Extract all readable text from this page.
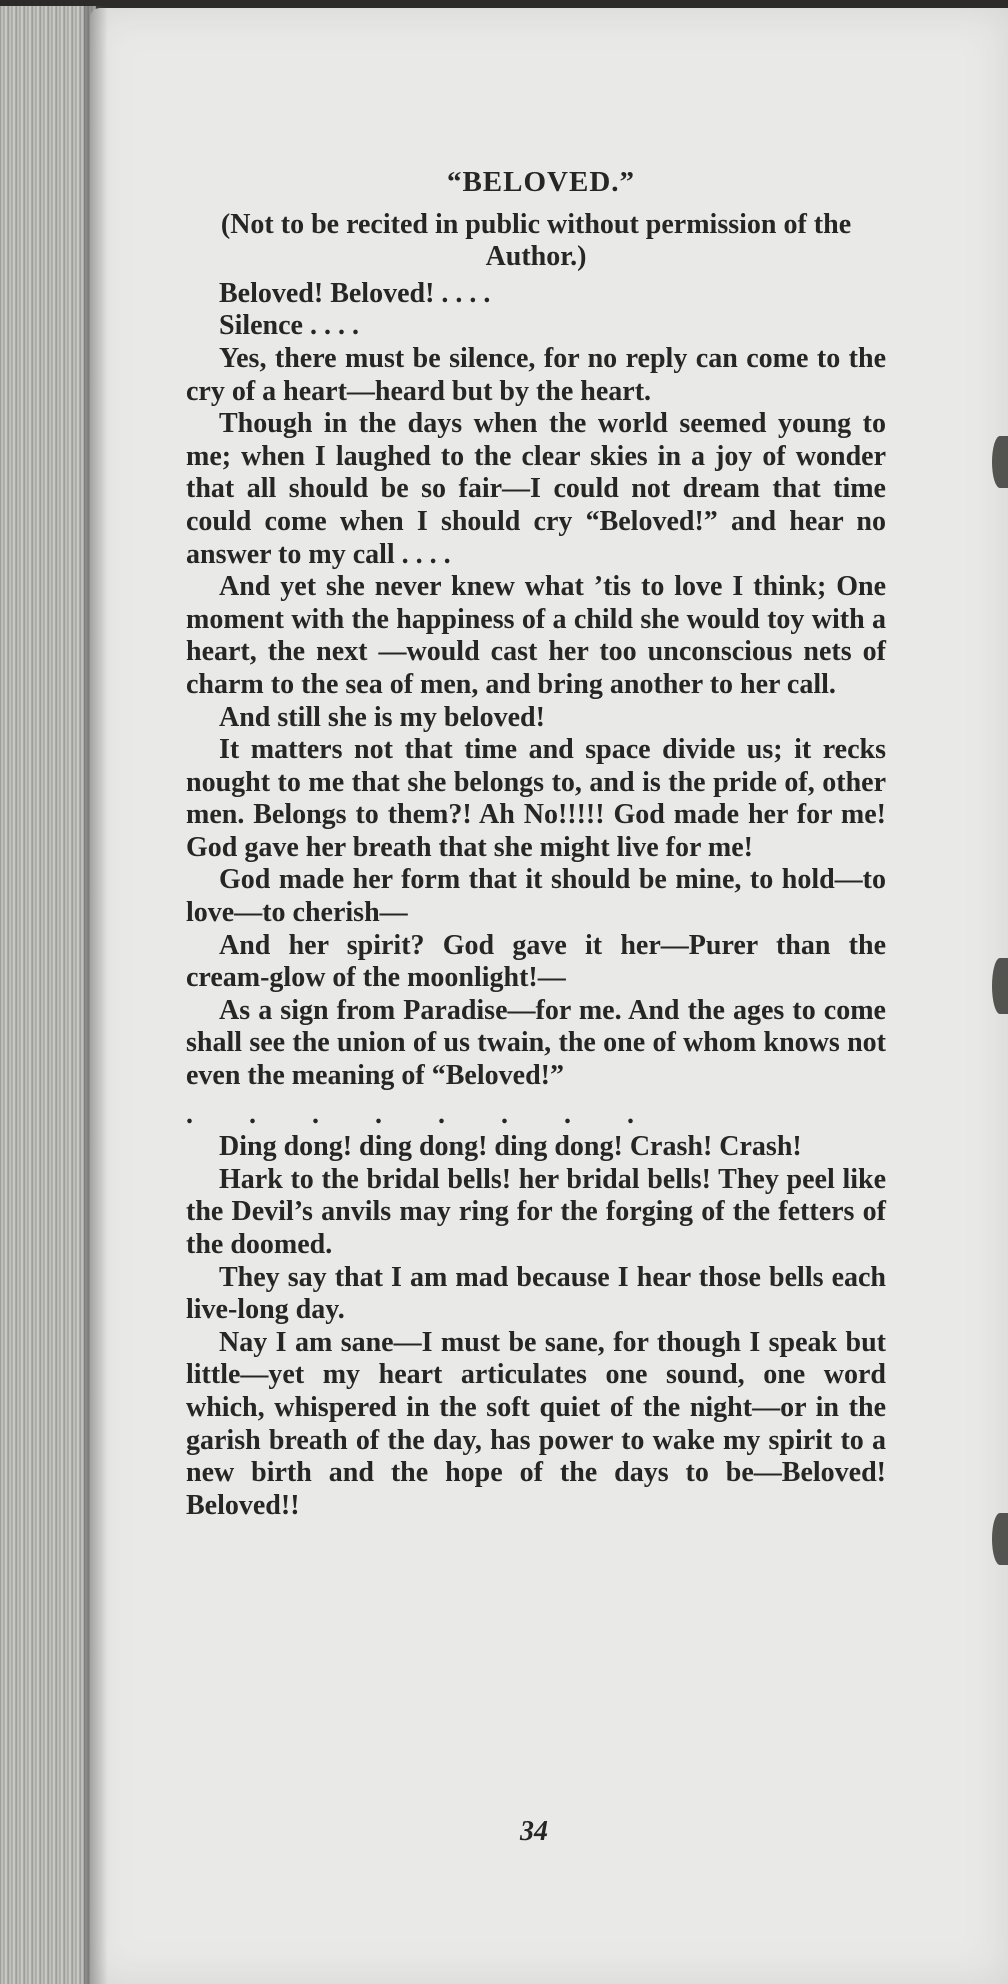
“BELOVED.”

(Not to be recited in public without permission of the Author.)

Beloved! Beloved! . . . .

Silence . . . .

Yes, there must be silence, for no reply can come to the cry of a heart—heard but by the heart.

Though in the days when the world seemed young to me; when I laughed to the clear skies in a joy of wonder that all should be so fair—I could not dream that time could come when I should cry “Beloved!” and hear no answer to my call . . . .

And yet she never knew what ’tis to love I think; One moment with the happiness of a child she would toy with a heart, the next —would cast her too unconscious nets of charm to the sea of men, and bring another to her call.

And still she is my beloved!

It matters not that time and space divide us; it recks nought to me that she belongs to, and is the pride of, other men. Belongs to them?! Ah No!!!!! God made her for me! God gave her breath that she might live for me!

God made her form that it should be mine, to hold—to love—to cherish—

And her spirit? God gave it her—Purer than the cream-glow of the moonlight!—

As a sign from Paradise—for me. And the ages to come shall see the union of us twain, the one of whom knows not even the meaning of “Beloved!”

.        .        .        .        .        .        .        .

Ding dong! ding dong! ding dong! Crash! Crash!

Hark to the bridal bells! her bridal bells! They peel like the Devil’s anvils may ring for the forging of the fetters of the doomed.

They say that I am mad because I hear those bells each live-long day.

Nay I am sane—I must be sane, for though I speak but little—yet my heart articulates one sound, one word which, whispered in the soft quiet of the night—or in the garish breath of the day, has power to wake my spirit to a new birth and the hope of the days to be—Beloved! Beloved!!

34
